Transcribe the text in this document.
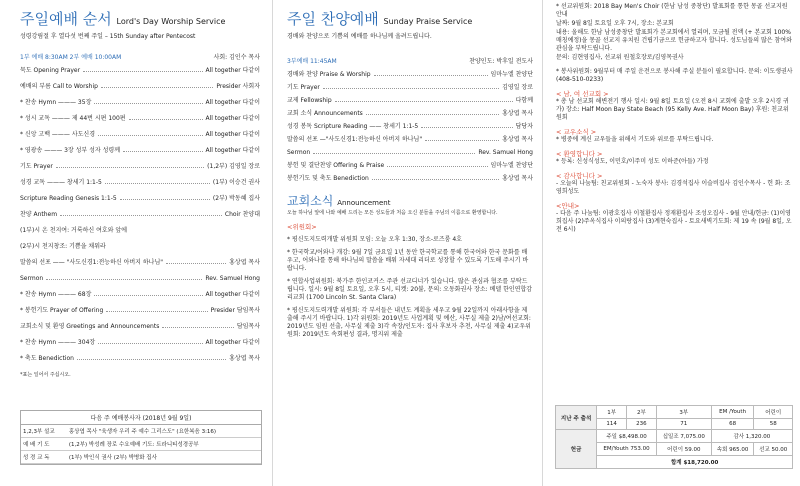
주일예배 순서 Lord's Day Worship Service
성령강림절 후 열다섯 번째 주일 – 15th Sunday after Pentecost
1부 예배 8:30AM 2부 예배 10:00AM	사회: 김인수 목사
묵도 Opening Prayer	All together 다같이
예배의 부름 Call to Worship	Presider 사회자
* 찬송 Hymn ——— 35장	All together 다같이
* 성시 교독 ——— 제 44번 시편 100편	All together 다같이
* 신앙 고백 ——— 사도신경	All together 다같이
* 영광송 ——— 3장 성부 성자 성령께	All together 다같이
기도 Prayer	(1,2부) 김영일 장로
성경 교독 ——— 창세기 1:1-5	(1부) 이승건 권사
Scripture Reading Genesis 1:1-5	(2부) 박동혜 집사
찬양 Anthem	Choir 찬양대
(1부)시 온 천지여: 거룩하신 여호와 앞에
(2부)시 천지창조: 기쁨을 채워라
말씀의 선포 —— "사도신경1:전능하신 아버지 하나님"	홍상엽 목사
Sermon	Rev. Samuel Hong
* 찬송 Hymn ——— 68장	All together 다같이
* 봉헌기도 Prayer of Offering	Presider 담임목사
교회소식 및 환영 Greetings and Announcements	담임목사
* 찬송 Hymn ——— 304장	All together 다같이
* 축도 Benediction	홍상엽 목사
*표는 일어서 주십시오.
다음 주 예배봉사자 (2018년 9월 9일)
1,2,3부 설교	홍상엽 목사 "육생자 우리 주 예수 그리스도" (요한복음 3:16)
예 배 기 도	(1,2부) 박성례 장로 수요예배 기도: 트라니티성경공부
성 경 교 독	(1부) 박인식 권사 (2부) 박병화 집사
주일 찬양예배 Sunday Praise Service
경배와 찬양으로 기쁨의 예배를 하나님께 올려드립니다.
3부예배 11:45AM	찬양인도: 박후일 전도사
경배와 찬양 Praise & Worship	임마누엘 찬양단
기도 Prayer	김영일 장로
교제 Fellowship	다함께
교회 소식 Announcements	홍상엽 목사
성경 봉독 Scripture Reading —— 창세기 1:1-5	담당자
말씀의 선포 —"사도신경1:전능하신 아버지 하나님"	홍상엽 목사
Sermon	Rev. Samuel Hong
봉헌 및 결단찬양 Offering & Praise	임마누엘 찬양단
봉헌기도 및 축도 Benediction	홍상엽 목사
교회소식 Announcement
오늘 하나님 앞에 나와 예배 드리는 모든 성도들과 처음 오신 분들을 주님의 이름으로 환영합니다.
<위원회>
* 평신도지도력개발 위원회 모임: 오늘 오후 1:30, 장소-로즈룸 4호
* 한국학교/어와나 개강: 9월 7일 금요일 1년 동안 한국학교를 통해 한국어와 한국 문화를 배우고, 어와나를 통해 하나님의 말씀을 배워 자세대 리더로 성장할 수 있도록 기도해 주시기 바랍니다.
* 연합사업위원회: 북가주 한인코커스 주관 선교디너가 있습니다. 많은 관심과 협조를 부탁드립니다. 일시: 9월 8일 토요일, 오후 5시, 티켓: 20불, 문의: 오동화권사 장소: 베델 한인연합감리교회 (1700 Lincoln St. Santa Clara)
* 평신도지도력개발 위원회: 각 부서들은 내년도 계획을 세우고 9월 22일까지 아래사항을 제출해 주시기 바랍니다. 1)각 위원회: 2019년도 사업계획 및 예산, 사무실 제출 2)남/여선교회: 2019년도 임원 선출, 사무실 제출 3)각 속장/인도자: 집사 후보자 추천, 사무실 제출 4)교우위원회: 2019년도 속회편성 결과, 명지위 제출
* 선교위원회: 2018 Bay Men's Choir (한남 남성 중창단) 발표회를 통한 몽골 선교지원 안내
날짜: 9월 8일 토요일 오후 7시, 장소: 본교회
내용: 올해도 한남 남성중창단 발표회가 본교회에서 열리며, 모금될 전액 (+ 본교회 100% 매칭예정)을 몽골 선교지 유치원 건립기금으로 헌금하고자 합니다. 성도님들의 많은 참여와 관심을 부탁드립니다.
문의: 김현영집사, 선교위 원철호장로/김영목권사
* 봉사위원회: 9월부터 매 주일 운전으로 봉사해 주실 분들이 필요합니다. 문의: 이도생권사(408-510-0233)
< 남, 여 선교회 >
* 총 남 선교회 해변전기 행사 일시: 9월 8일 토요일 (오전 8시 교회에 출발 오후 2시경 귀가) 장소: Half Moon Bay State Beach (95 Kelly Ave. Half Moon Bay) 후원: 친교위원회
< 교우소식 >
* 병중에 계신 교우들을 위해서 기도와 위로를 부탁드립니다.
< 환영합니다 >
* 등록: 신성식성도, 이민호/이주미 성도 이하준(아들) 가정
< 감사합니다 >
- 오늘의 나눔팀: 친교위원회 - 노숙자 봉사: 김경석집사 이슬비집사 김인수목사 - 헌 화: 조영희성도
<안내>
- 다음 주 나눔팀: 이광호집사 이철환집사 정재환집사 조성오집사 - 9월 안내/헌금: (1)이영희집사 (2)주옥식집사 이의랑집사 (3)계현숙집사 - 토요새벽기도회: 제 19 속 (9월 8일, 오전 6시)
지난 주 출석	1부	2부	3부	EM /Youth	어린이
	114	236	71	68	58
헌금	주일 $8,498.00		십일조 7,075.00	감사 1,320.00	
	EM/Youth 753.00		어린이 59.00	속회 965.00	선교 50.00
	합계 $18,720.00				
